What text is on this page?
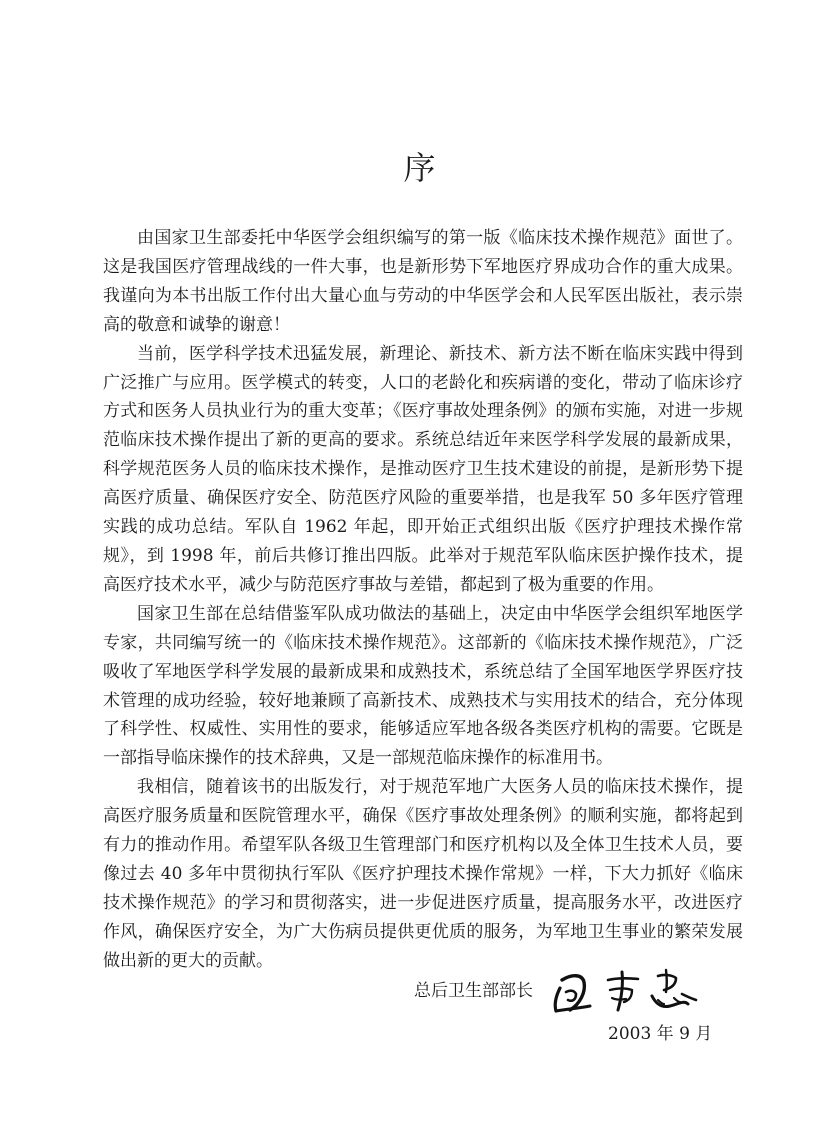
序

由国家卫生部委托中华医学会组织编写的第一版《临床技术操作规范》面世了。这是我国医疗管理战线的一件大事，也是新形势下军地医疗界成功合作的重大成果。我谨向为本书出版工作付出大量心血与劳动的中华医学会和人民军医出版社，表示崇高的敬意和诚挚的谢意！

当前，医学科学技术迅猛发展，新理论、新技术、新方法不断在临床实践中得到广泛推广与应用。医学模式的转变，人口的老龄化和疾病谱的变化，带动了临床诊疗方式和医务人员执业行为的重大变革；《医疗事故处理条例》的颁布实施，对进一步规范临床技术操作提出了新的更高的要求。系统总结近年来医学科学发展的最新成果，科学规范医务人员的临床技术操作，是推动医疗卫生技术建设的前提，是新形势下提高医疗质量、确保医疗安全、防范医疗风险的重要举措，也是我军 50 多年医疗管理实践的成功总结。军队自 1962 年起，即开始正式组织出版《医疗护理技术操作常规》，到 1998 年，前后共修订推出四版。此举对于规范军队临床医护操作技术，提高医疗技术水平，减少与防范医疗事故与差错，都起到了极为重要的作用。

国家卫生部在总结借鉴军队成功做法的基础上，决定由中华医学会组织军地医学专家，共同编写统一的《临床技术操作规范》。这部新的《临床技术操作规范》，广泛吸收了军地医学科学发展的最新成果和成熟技术，系统总结了全国军地医学界医疗技术管理的成功经验，较好地兼顾了高新技术、成熟技术与实用技术的结合，充分体现了科学性、权威性、实用性的要求，能够适应军地各级各类医疗机构的需要。它既是一部指导临床操作的技术辞典，又是一部规范临床操作的标准用书。

我相信，随着该书的出版发行，对于规范军地广大医务人员的临床技术操作，提高医疗服务质量和医院管理水平，确保《医疗事故处理条例》的顺利实施，都将起到有力的推动作用。希望军队各级卫生管理部门和医疗机构以及全体卫生技术人员，要像过去 40 多年中贯彻执行军队《医疗护理技术操作常规》一样，下大力抓好《临床技术操作规范》的学习和贯彻落实，进一步促进医疗质量，提高服务水平，改进医疗作风，确保医疗安全，为广大伤病员提供更优质的服务，为军地卫生事业的繁荣发展做出新的更大的贡献。

总后卫生部部长
2003 年 9 月
